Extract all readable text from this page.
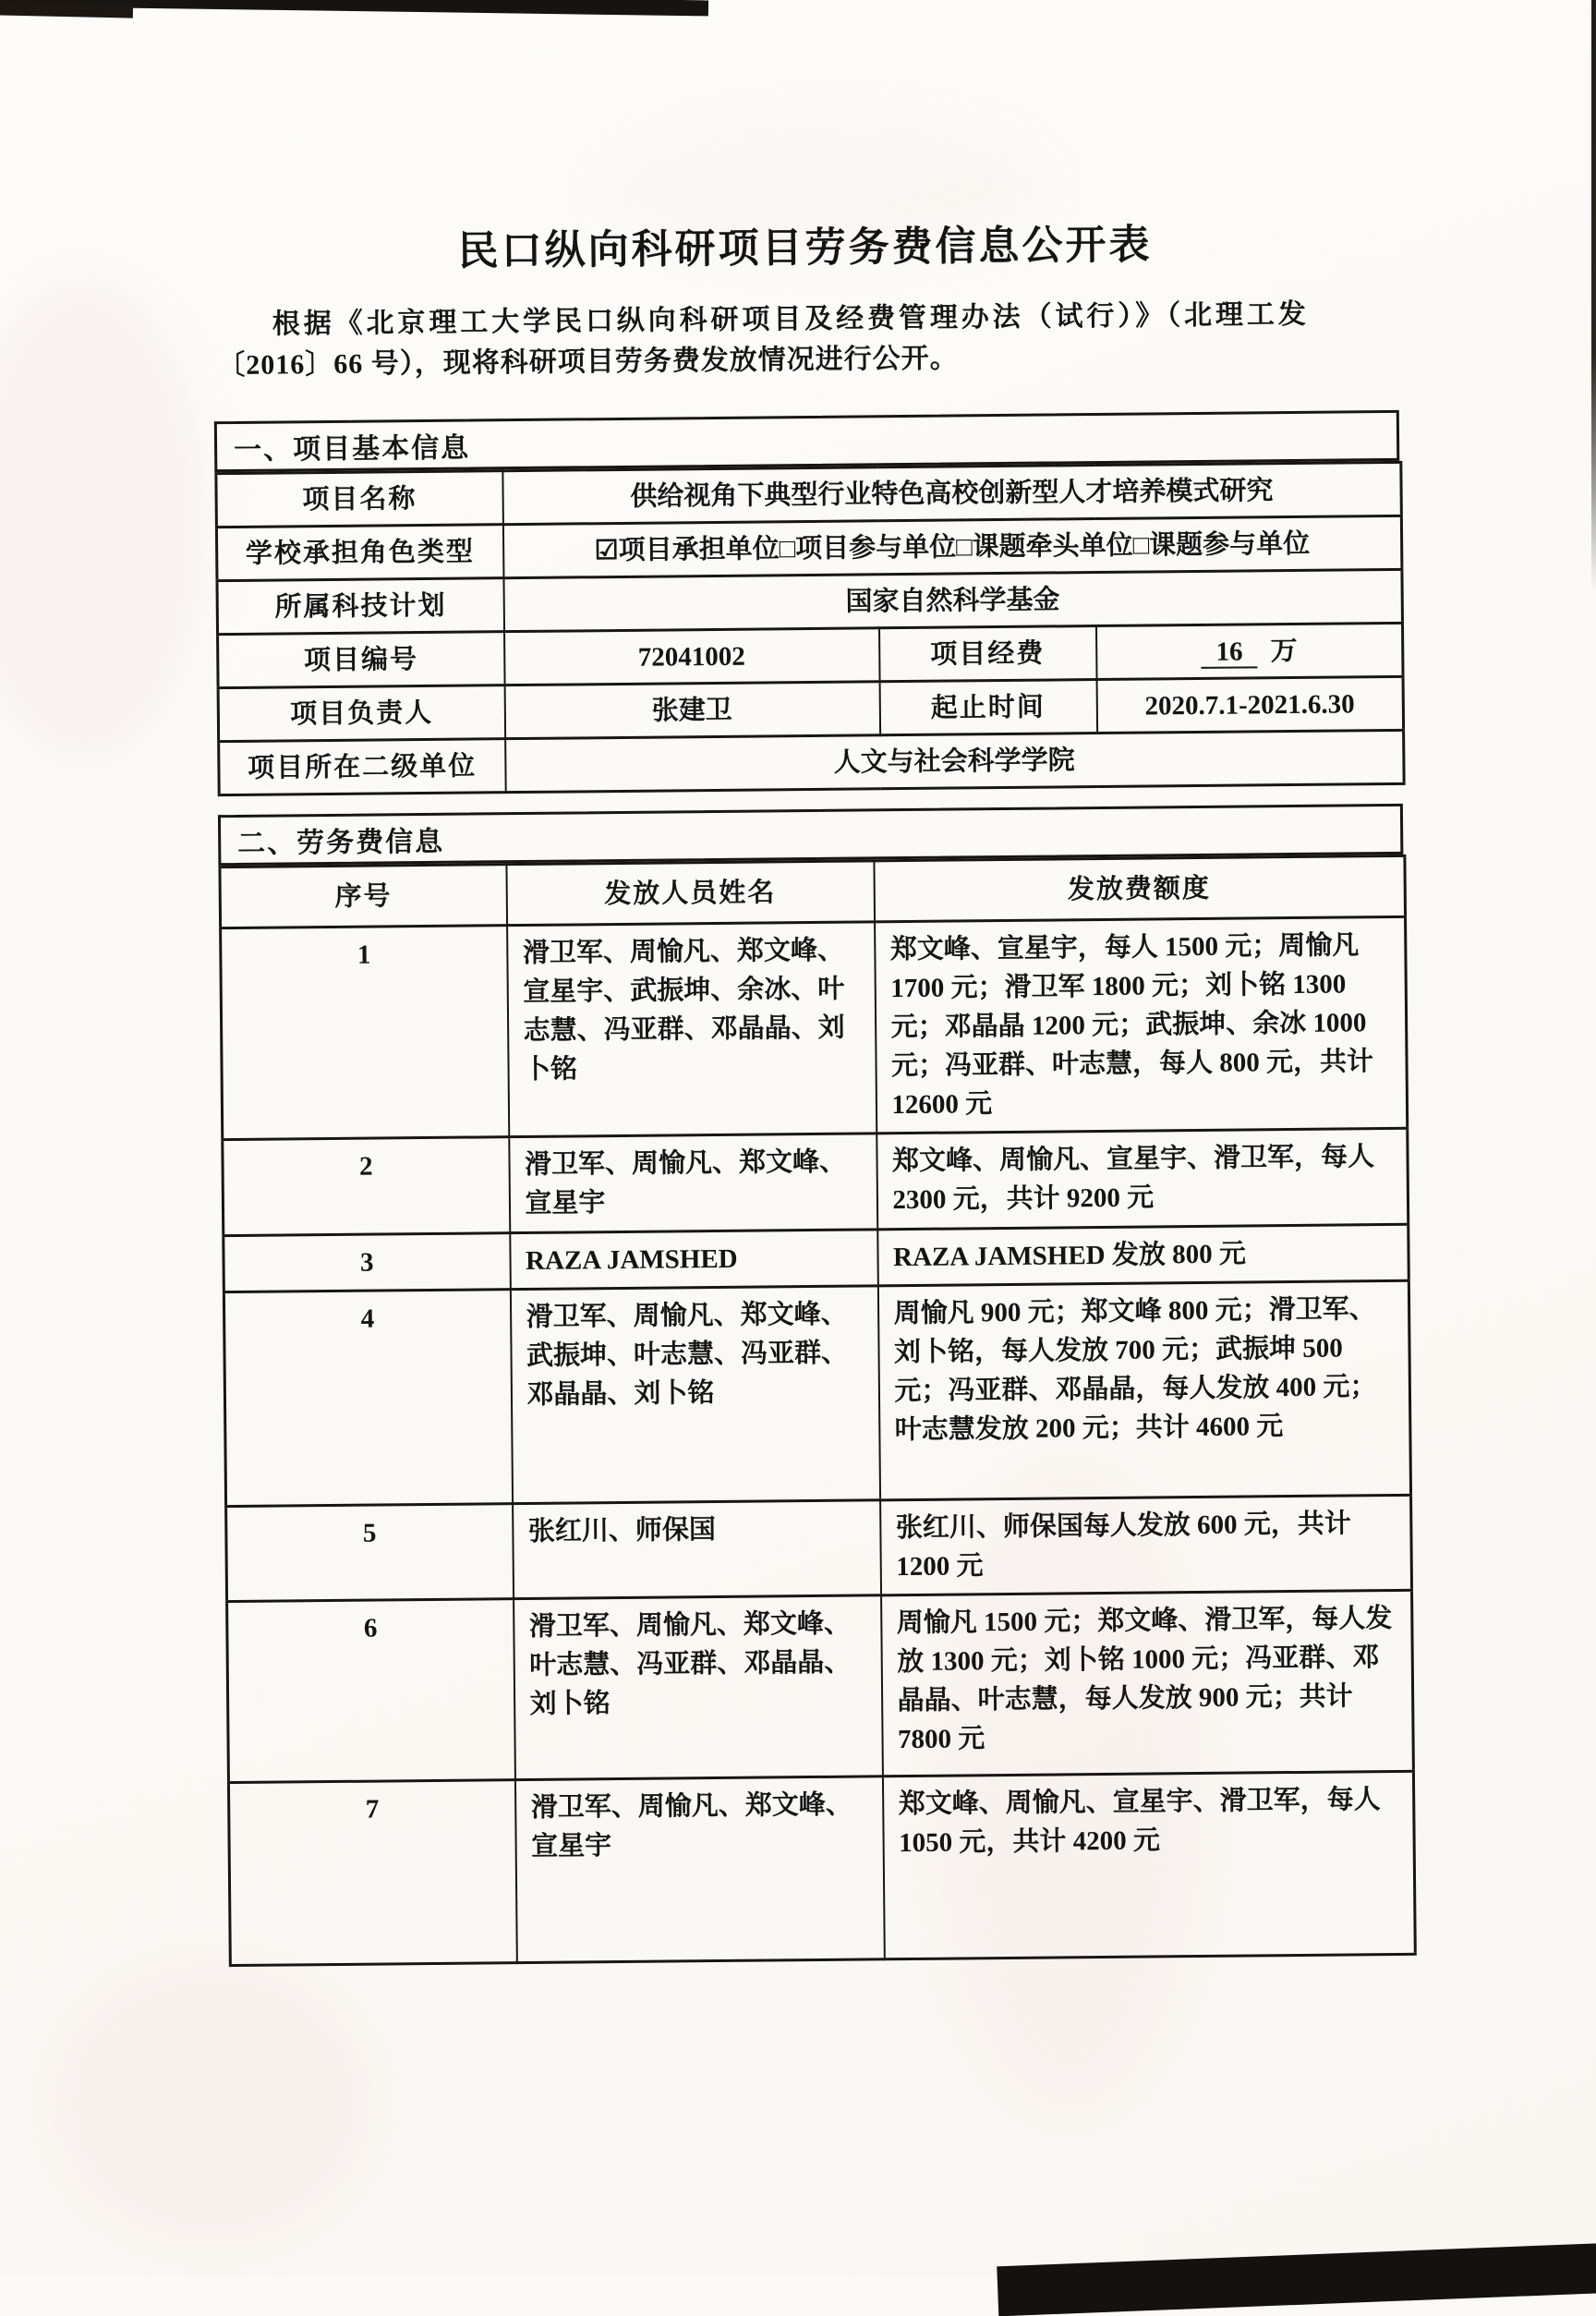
民口纵向科研项目劳务费信息公开表

根据《北京理工大学民口纵向科研项目及经费管理办法（试行）》（北理工发〔2016〕66 号），现将科研项目劳务费发放情况进行公开。

一、项目基本信息
项目名称	供给视角下典型行业特色高校创新型人才培养模式研究		
学校承担角色类型	☑项目承担单位□项目参与单位□课题牵头单位□课题参与单位		
所属科技计划	国家自然科学基金		
项目编号	72041002	项目经费	16 万
项目负责人	张建卫	起止时间	2020.7.1-2021.6.30
项目所在二级单位	人文与社会科学学院		
二、劳务费信息
序号	发放人员姓名	发放费额度
1	滑卫军、周愉凡、郑文峰、宣星宇、武振坤、余冰、叶志慧、冯亚群、邓晶晶、刘卜铭	郑文峰、宣星宇，每人 1500 元；周愉凡 1700 元；滑卫军 1800 元；刘卜铭 1300 元；邓晶晶 1200 元；武振坤、余冰 1000 元；冯亚群、叶志慧，每人 800 元，共计 12600 元
2	滑卫军、周愉凡、郑文峰、宣星宇	郑文峰、周愉凡、宣星宇、滑卫军，每人 2300 元，共计 9200 元
3	RAZA JAMSHED	RAZA JAMSHED 发放 800 元
4	滑卫军、周愉凡、郑文峰、武振坤、叶志慧、冯亚群、邓晶晶、刘卜铭	周愉凡 900 元；郑文峰 800 元；滑卫军、刘卜铭，每人发放 700 元；武振坤 500 元；冯亚群、邓晶晶，每人发放 400 元；叶志慧发放 200 元；共计 4600 元
5	张红川、师保国	张红川、师保国每人发放 600 元，共计 1200 元
6	滑卫军、周愉凡、郑文峰、叶志慧、冯亚群、邓晶晶、刘卜铭	周愉凡 1500 元；郑文峰、滑卫军，每人发放 1300 元；刘卜铭 1000 元；冯亚群、邓晶晶、叶志慧，每人发放 900 元；共计 7800 元
7	滑卫军、周愉凡、郑文峰、宣星宇	郑文峰、周愉凡、宣星宇、滑卫军，每人 1050 元，共计 4200 元
